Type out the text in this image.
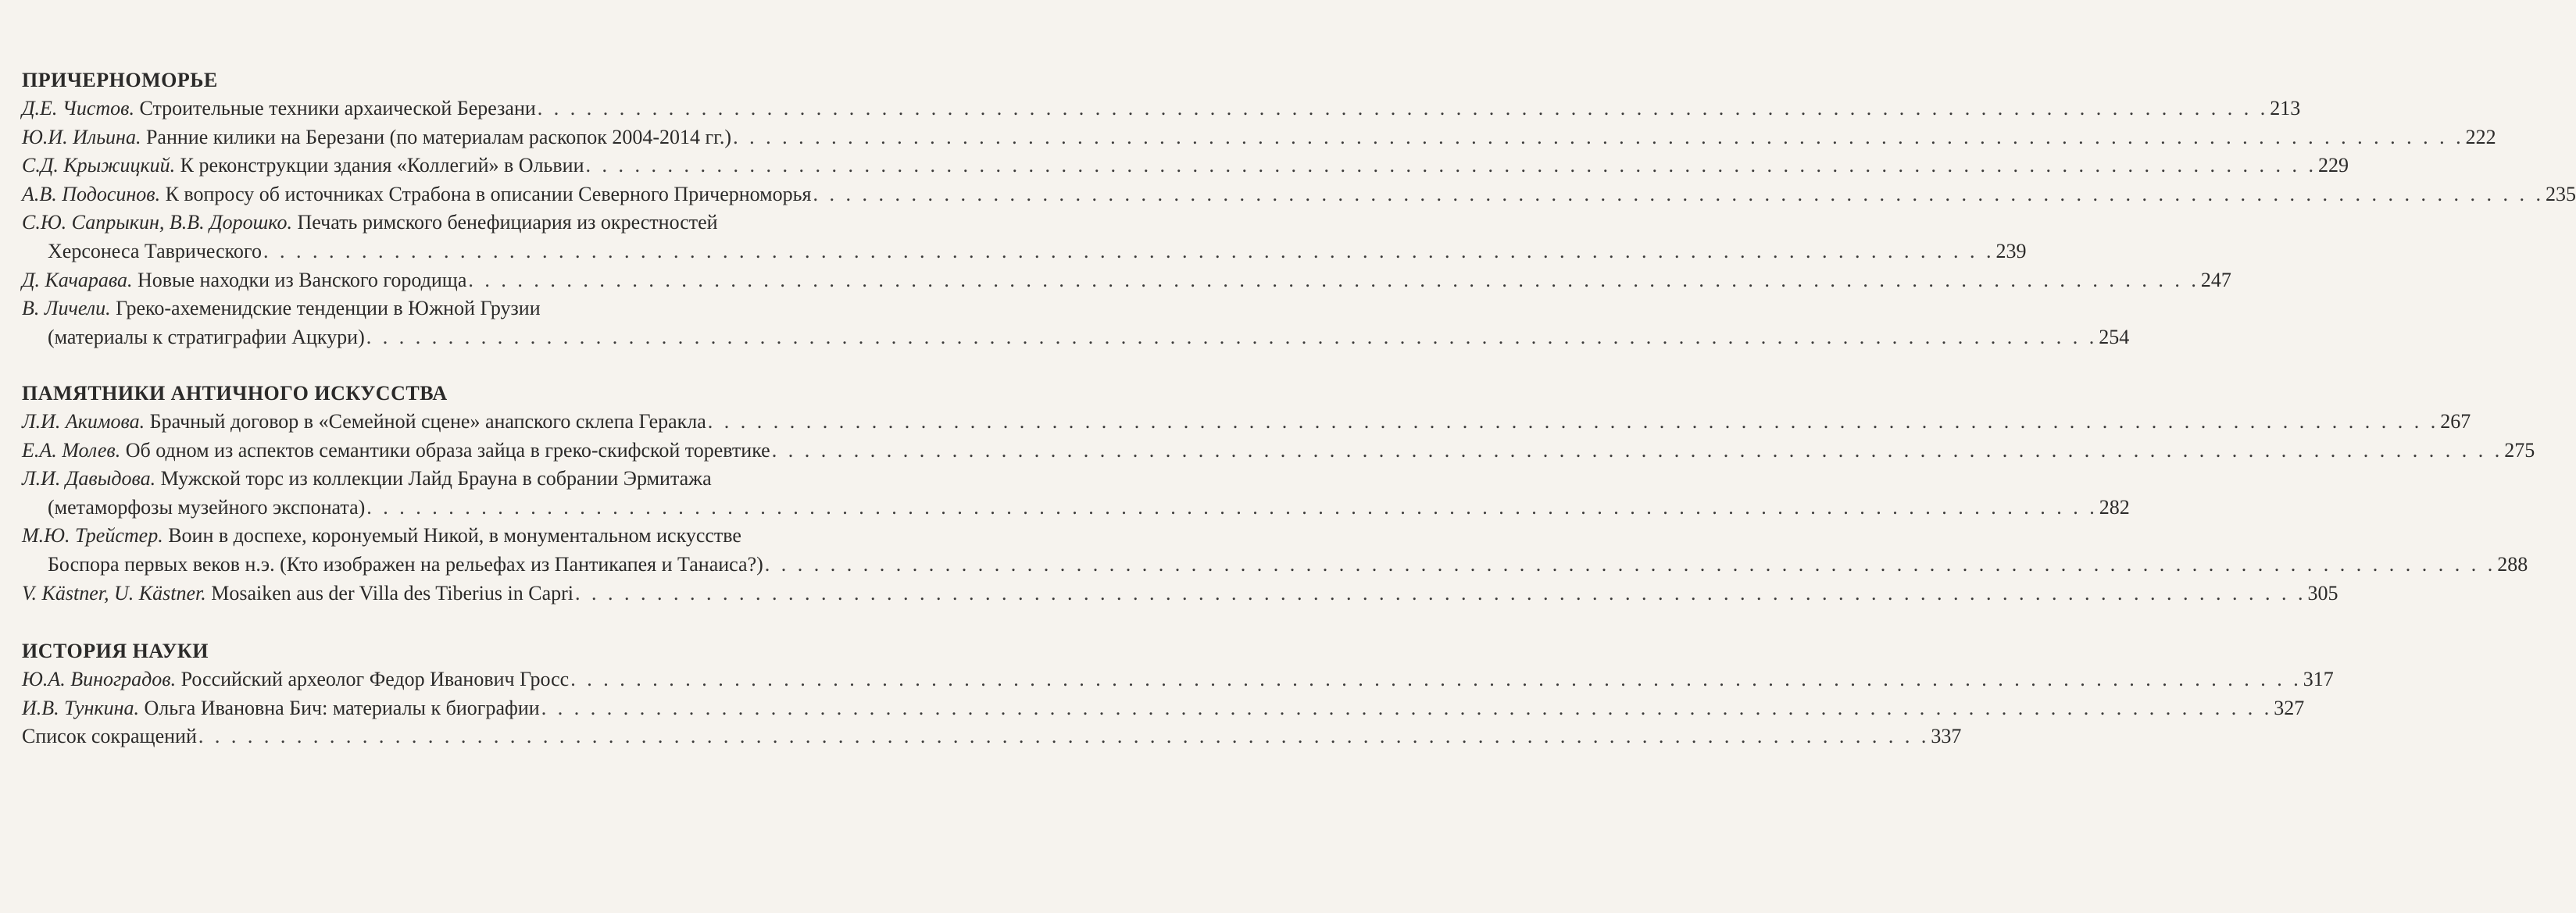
ПРИЧЕРНОМОРЬЕ
Д.Е. Чистов. Строительные техники архаической Березани . . . . . . . . . . . . . . . . . . . . . . . . . . . . . . . . . . . . . . . . . . . . . . . . . . . . . . . . . . . . . . . . . . . . . . . . . . . . . . . . . . . . . . . . . . . . . . . . . . . . . . . . . . 213
Ю.И. Ильина. Ранние килики на Березани (по материалам раскопок 2004-2014 гг.) . . . . . . . . . . . . . . . . . . . . . . . . . . . . . . . . . . . . . . . . . . . . . . . . . . . . . . . . . . . . . . . . . . . . . . . . . . . . . . . . . . . . . . . . . . . . . . . . . . . . . . . . . . 222
С.Д. Крыжицкий. К реконструкции здания «Коллегий» в Ольвии . . . . . . . . . . . . . . . . . . . . . . . . . . . . . . . . . . . . . . . . . . . . . . . . . . . . . . . . . . . . . . . . . . . . . . . . . . . . . . . . . . . . . . . . . . . . . . . . . . . . . . . . . . 229
А.В. Подосинов. К вопросу об источниках Страбона в описании Северного Причерноморья . . . . . . . . . . . . . . . . . . . . . . . . . . . . . . . . . . . . . . . . . . . . . . . . . . . . . . . . . . . . . . . . . . . . . . . . . . . . . . . . . . . . . . . . . . . . . . . . . . . . . . . . . . 235
С.Ю. Сапрыкин, В.В. Дорошко. Печать римского бенефициария из окрестностей
Херсонеса Таврического . . . . . . . . . . . . . . . . . . . . . . . . . . . . . . . . . . . . . . . . . . . . . . . . . . . . . . . . . . . . . . . . . . . . . . . . . . . . . . . . . . . . . . . . . . . . . . . . . . . . . . . . . . 239
Д. Качарава. Новые находки из Ванского городища . . . . . . . . . . . . . . . . . . . . . . . . . . . . . . . . . . . . . . . . . . . . . . . . . . . . . . . . . . . . . . . . . . . . . . . . . . . . . . . . . . . . . . . . . . . . . . . . . . . . . . . . . . 247
В. Личели. Греко-ахеменидские тенденции в Южной Грузии
(материалы к стратиграфии Ацкури) . . . . . . . . . . . . . . . . . . . . . . . . . . . . . . . . . . . . . . . . . . . . . . . . . . . . . . . . . . . . . . . . . . . . . . . . . . . . . . . . . . . . . . . . . . . . . . . . . . . . . . . . . . 254
ПАМЯТНИКИ АНТИЧНОГО ИСКУССТВА
Л.И. Акимова. Брачный договор в «Семейной сцене» анапского склепа Геракла . . . . . . . . . . . . . . . . . . . . . . . . . . . . . . . . . . . . . . . . . . . . . . . . . . . . . . . . . . . . . . . . . . . . . . . . . . . . . . . . . . . . . . . . . . . . . . . . . . . . . . . . . . 267
Е.А. Молев. Об одном из аспектов семантики образа зайца в греко-скифской торевтике . . . . . . . . . . . . . . . . . . . . . . . . . . . . . . . . . . . . . . . . . . . . . . . . . . . . . . . . . . . . . . . . . . . . . . . . . . . . . . . . . . . . . . . . . . . . . . . . . . . . . . . . . . 275
Л.И. Давыдова. Мужской торс из коллекции Лайд Брауна в собрании Эрмитажа
(метаморфозы музейного экспоната) . . . . . . . . . . . . . . . . . . . . . . . . . . . . . . . . . . . . . . . . . . . . . . . . . . . . . . . . . . . . . . . . . . . . . . . . . . . . . . . . . . . . . . . . . . . . . . . . . . . . . . . . . . 282
М.Ю. Трейстер. Воин в доспехе, коронуемый Никой, в монументальном искусстве
Боспора первых веков н.э. (Кто изображен на рельефах из Пантикапея и Танаиса?) . . . . . . . . . . . . . . . . . . . . . . . . . . . . . . . . . . . . . . . . . . . . . . . . . . . . . . . . . . . . . . . . . . . . . . . . . . . . . . . . . . . . . . . . . . . . . . . . . . . . . . . . . . 288
V. Kästner, U. Kästner. Mosaiken aus der Villa des Tiberius in Capri . . . . . . . . . . . . . . . . . . . . . . . . . . . . . . . . . . . . . . . . . . . . . . . . . . . . . . . . . . . . . . . . . . . . . . . . . . . . . . . . . . . . . . . . . . . . . . . . . . . . . . . . . . 305
ИСТОРИЯ НАУКИ
Ю.А. Виноградов. Российский археолог Федор Иванович Гросс . . . . . . . . . . . . . . . . . . . . . . . . . . . . . . . . . . . . . . . . . . . . . . . . . . . . . . . . . . . . . . . . . . . . . . . . . . . . . . . . . . . . . . . . . . . . . . . . . . . . . . . . . . 317
И.В. Тункина. Ольга Ивановна Бич: материалы к биографии . . . . . . . . . . . . . . . . . . . . . . . . . . . . . . . . . . . . . . . . . . . . . . . . . . . . . . . . . . . . . . . . . . . . . . . . . . . . . . . . . . . . . . . . . . . . . . . . . . . . . . . . . . 327
Список сокращений . . . . . . . . . . . . . . . . . . . . . . . . . . . . . . . . . . . . . . . . . . . . . . . . . . . . . . . . . . . . . . . . . . . . . . . . . . . . . . . . . . . . . . . . . . . . . . . . . . . . . . . . . . 337
